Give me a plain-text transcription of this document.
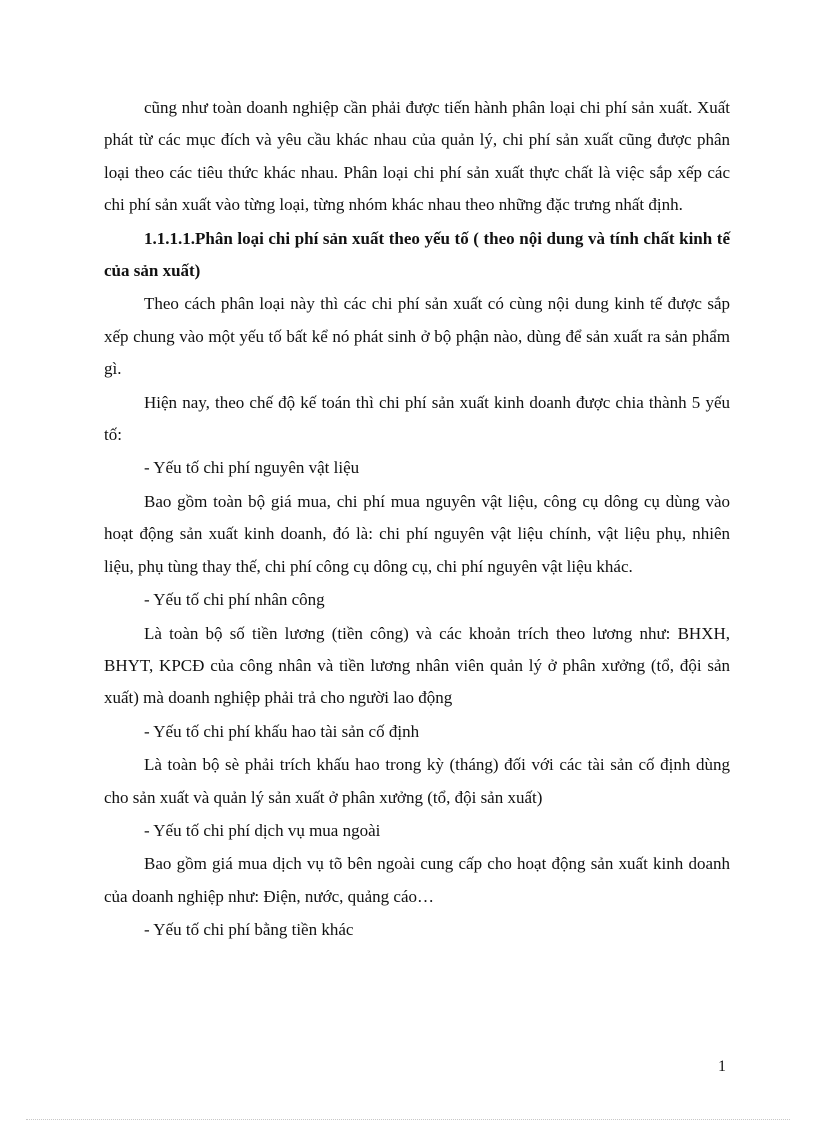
cũng như toàn doanh nghiệp cần phải được tiến hành phân loại chi phí sản xuất. Xuất phát từ các mục đích và yêu cầu khác nhau của quản lý, chi phí sản xuất cũng được phân loại theo các tiêu thức khác nhau. Phân loại chi phí sản xuất thực chất là việc sắp xếp các chi phí sản xuất vào từng loại, từng nhóm khác nhau theo những đặc trưng nhất định.

1.1.1.1.Phân loại chi phí sản xuất theo yếu tố ( theo nội dung và tính chất kinh tế của sản xuất)

Theo cách phân loại này thì các chi phí sản xuất có cùng nội dung kinh tế được sắp xếp chung vào một yếu tố bất kể nó phát sinh ở bộ phận nào, dùng để sản xuất ra sản phẩm gì.

Hiện nay, theo chế độ kế toán thì chi phí sản xuất kinh doanh được chia thành 5 yếu tố:

- Yếu tố chi phí nguyên vật liệu

Bao gồm toàn bộ giá mua, chi phí mua nguyên vật liệu, công cụ dông cụ dùng vào hoạt động sản xuất kinh doanh, đó là: chi phí nguyên vật liệu chính, vật liệu phụ, nhiên liệu, phụ tùng thay thế, chi phí công cụ dông cụ, chi phí nguyên vật liệu khác.

- Yếu tố chi phí nhân công

Là toàn bộ số tiền lương (tiền công) và các khoản trích theo lương như: BHXH, BHYT, KPCĐ của công nhân và tiền lương nhân viên quản lý ở phân xưởng (tổ, đội sản xuất) mà doanh nghiệp phải trả cho người lao động

- Yếu tố chi phí khấu hao tài sản cố định

Là toàn bộ sè phải trích khấu hao trong kỳ (tháng) đối với các tài sản cố định dùng cho sản xuất và quản lý sản xuất ở phân xưởng (tổ, đội sản xuất)

- Yếu tố chi phí dịch vụ mua ngoài

Bao gồm giá mua dịch vụ tõ bên ngoài cung cấp cho hoạt động sản xuất kinh doanh của doanh nghiệp như: Điện, nước, quảng cáo…

- Yếu tố chi phí bằng tiền khác

1
